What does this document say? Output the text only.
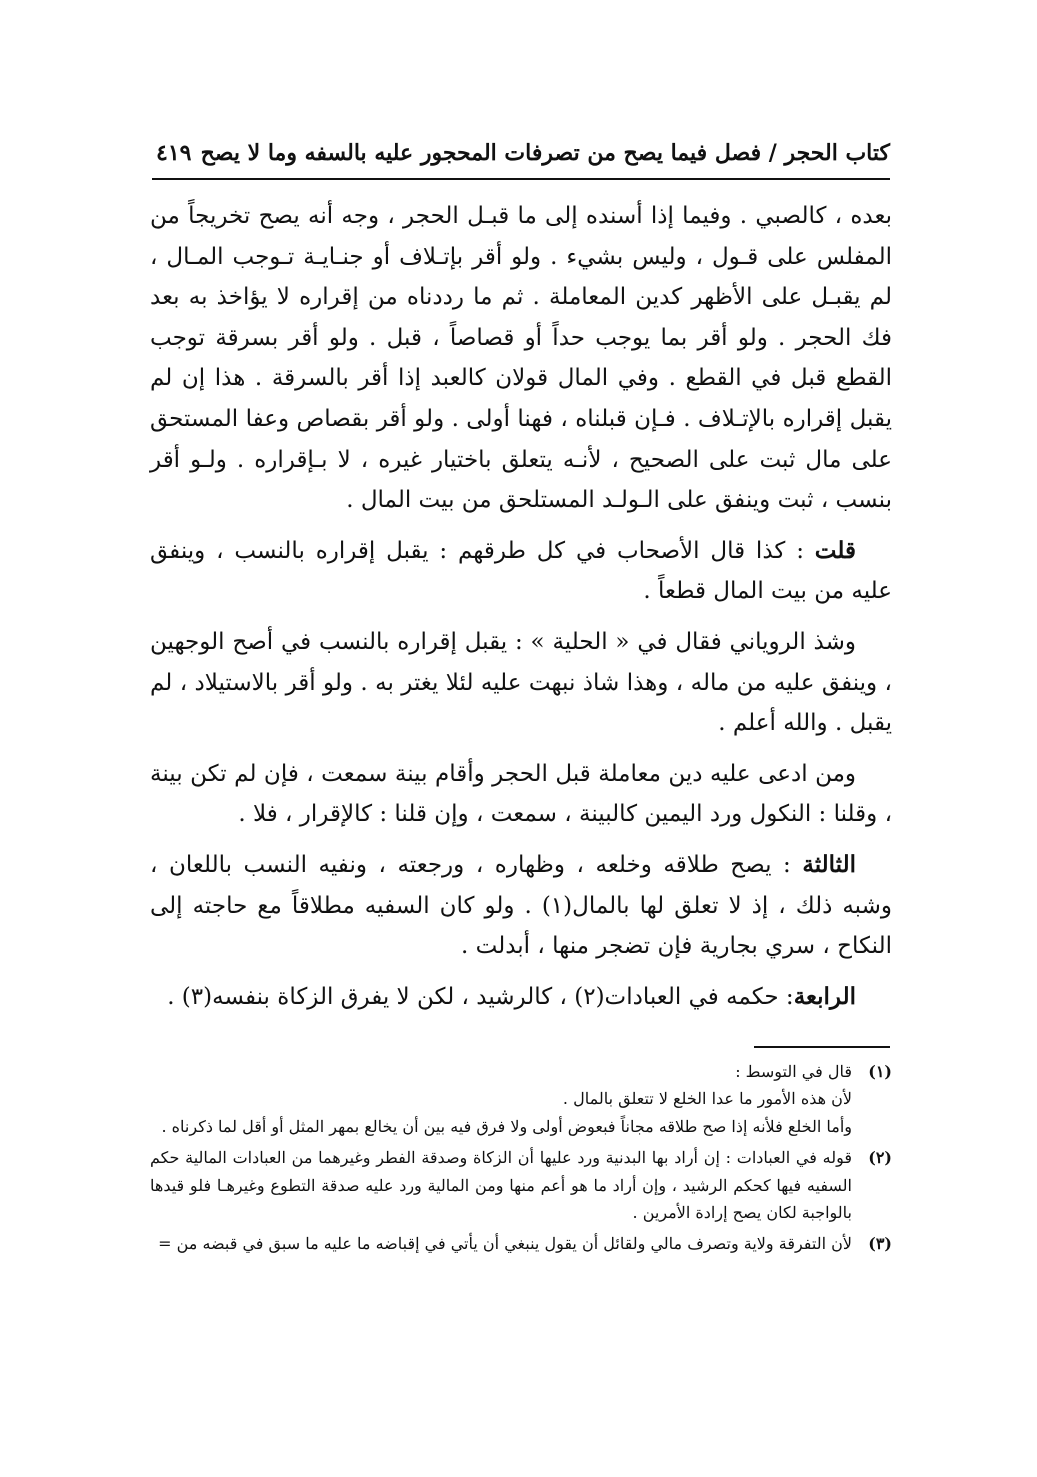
كتاب الحجر / فصل فيما يصح من تصرفات المحجور عليه بالسفه وما لا يصح
٤١٩

بعده ، كالصبي . وفيما إذا أسنده إلى ما قبـل الحجر ، وجه أنه يصح تخريجاً من المفلس على قـول ، وليس بشيء . ولو أقر بإتـلاف أو جنـايـة تـوجب المـال ، لم يقبـل على الأظهر كدين المعاملة . ثم ما رددناه من إقراره لا يؤاخذ به بعد فك الحجر . ولو أقر بما يوجب حداً أو قصاصاً ، قبل . ولو أقر بسرقة توجب القطع قبل في القطع . وفي المال قولان كالعبد إذا أقر بالسرقة . هذا إن لم يقبل إقراره بالإتـلاف . فـإن قبلناه ، فهنا أولى . ولو أقر بقصاص وعفا المستحق على مال ثبت على الصحيح ، لأنـه يتعلق باختيار غيره ، لا بـإقراره . ولـو أقر بنسب ، ثبت وينفق على الـولـد المستلحق من بيت المال .

قلت : كذا قال الأصحاب في كل طرقهم : يقبل إقراره بالنسب ، وينفق عليه من بيت المال قطعاً .

وشذ الروياني فقال في « الحلية » : يقبل إقراره بالنسب في أصح الوجهين ، وينفق عليه من ماله ، وهذا شاذ نبهت عليه لئلا يغتر به . ولو أقر بالاستيلاد ، لم يقبل . والله أعلم .

ومن ادعى عليه دين معاملة قبل الحجر وأقام بينة سمعت ، فإن لم تكن بينة ، وقلنا : النكول ورد اليمين كالبينة ، سمعت ، وإن قلنا : كالإقرار ، فلا .

الثالثة : يصح طلاقه وخلعه ، وظهاره ، ورجعته ، ونفيه النسب باللعان ، وشبه ذلك ، إذ لا تعلق لها بالمال(١) . ولو كان السفيه مطلاقاً مع حاجته إلى النكاح ، سري بجارية فإن تضجر منها ، أبدلت .

الرابعة: حكمه في العبادات(٢) ، كالرشيد ، لكن لا يفرق الزكاة بنفسه(٣) .

(١)
قال في التوسط :
لأن هذه الأمور ما عدا الخلع لا تتعلق بالمال .
وأما الخلع فلأنه إذا صح طلاقه مجاناً فبعوض أولى ولا فرق فيه بين أن يخالع بمهر المثل أو أقل لما ذكرناه .
(٢)
قوله في العبادات : إن أراد بها البدنية ورد عليها أن الزكاة وصدقة الفطر وغيرهما من العبادات المالية حكم السفيه فيها كحكم الرشيد ، وإن أراد ما هو أعم منها ومن المالية ورد عليه صدقة التطوع وغيرهـا فلو قيدها بالواجبة لكان يصح إرادة الأمرين .
(٣)
لأن التفرقة ولاية وتصرف مالي ولقائل أن يقول ينبغي أن يأتي في إقباضه ما عليه ما سبق في قبضه من =
